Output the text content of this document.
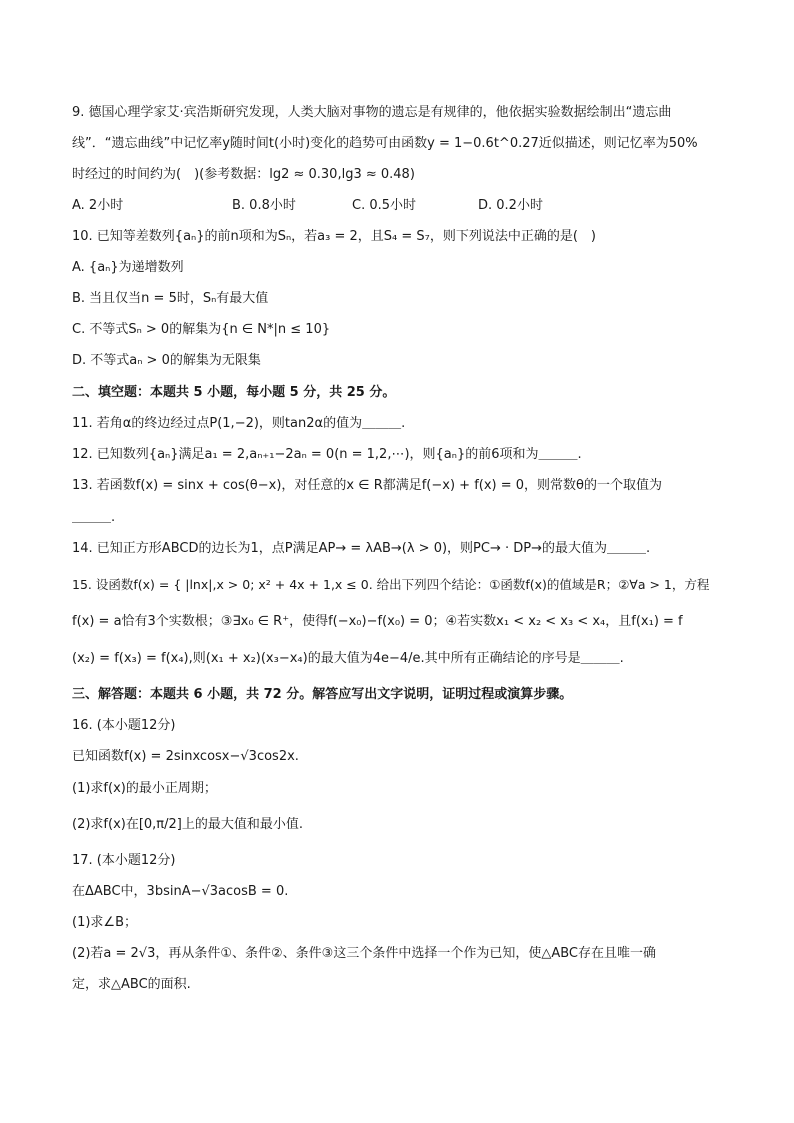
9. 德国心理学家艾·宾浩斯研究发现，人类大脑对事物的遗忘是有规律的，他依据实验数据绘制出“遗忘曲
线”．“遗忘曲线”中记忆率y随时间t(小时)变化的趋势可由函数y = 1−0.6t^0.27近似描述，则记忆率为50%
时经过的时间约为(　)(参考数据：lg2 ≈ 0.30,lg3 ≈ 0.48)
A. 2小时	B. 0.8小时	C. 0.5小时	D. 0.2小时
10. 已知等差数列{aₙ}的前n项和为Sₙ，若a₃ = 2，且S₄ = S₇，则下列说法中正确的是(　)
A. {aₙ}为递增数列
B. 当且仅当n = 5时，Sₙ有最大值
C. 不等式Sₙ > 0的解集为{n ∈ N*|n ≤ 10}
D. 不等式aₙ > 0的解集为无限集
二、填空题：本题共 5 小题，每小题 5 分，共 25 分。
11. 若角α的终边经过点P(1,−2)，则tan2α的值为＿＿＿.
12. 已知数列{aₙ}满足a₁ = 2,aₙ₊₁−2aₙ = 0(n = 1,2,⋯)，则{aₙ}的前6项和为＿＿＿.
13. 若函数f(x) = sinx + cos(θ−x)，对任意的x ∈ R都满足f(−x) + f(x) = 0，则常数θ的一个取值为
＿＿＿.
14. 已知正方形ABCD的边长为1，点P满足AP→ = λAB→(λ > 0)，则PC→ · DP→的最大值为＿＿＿.
15. 设函数f(x) = { |lnx|,x > 0; x² + 4x + 1,x ≤ 0. 给出下列四个结论：①函数f(x)的值域是R；②∀a > 1，方程
f(x) = a恰有3个实数根；③∃x₀ ∈ R⁺，使得f(−x₀)−f(x₀) = 0；④若实数x₁ < x₂ < x₃ < x₄，且f(x₁) = f
(x₂) = f(x₃) = f(x₄),则(x₁ + x₂)(x₃−x₄)的最大值为4e−4/e.其中所有正确结论的序号是＿＿＿.
三、解答题：本题共 6 小题，共 72 分。解答应写出文字说明，证明过程或演算步骤。
16. (本小题12分)
已知函数f(x) = 2sinxcosx−√3cos2x.
(1)求f(x)的最小正周期；
(2)求f(x)在[0,π/2]上的最大值和最小值.
17. (本小题12分)
在ΔABC中，3bsinA−√3acosB = 0.
(1)求∠B；
(2)若a = 2√3，再从条件①、条件②、条件③这三个条件中选择一个作为已知，使△ABC存在且唯一确
定，求△ABC的面积.
